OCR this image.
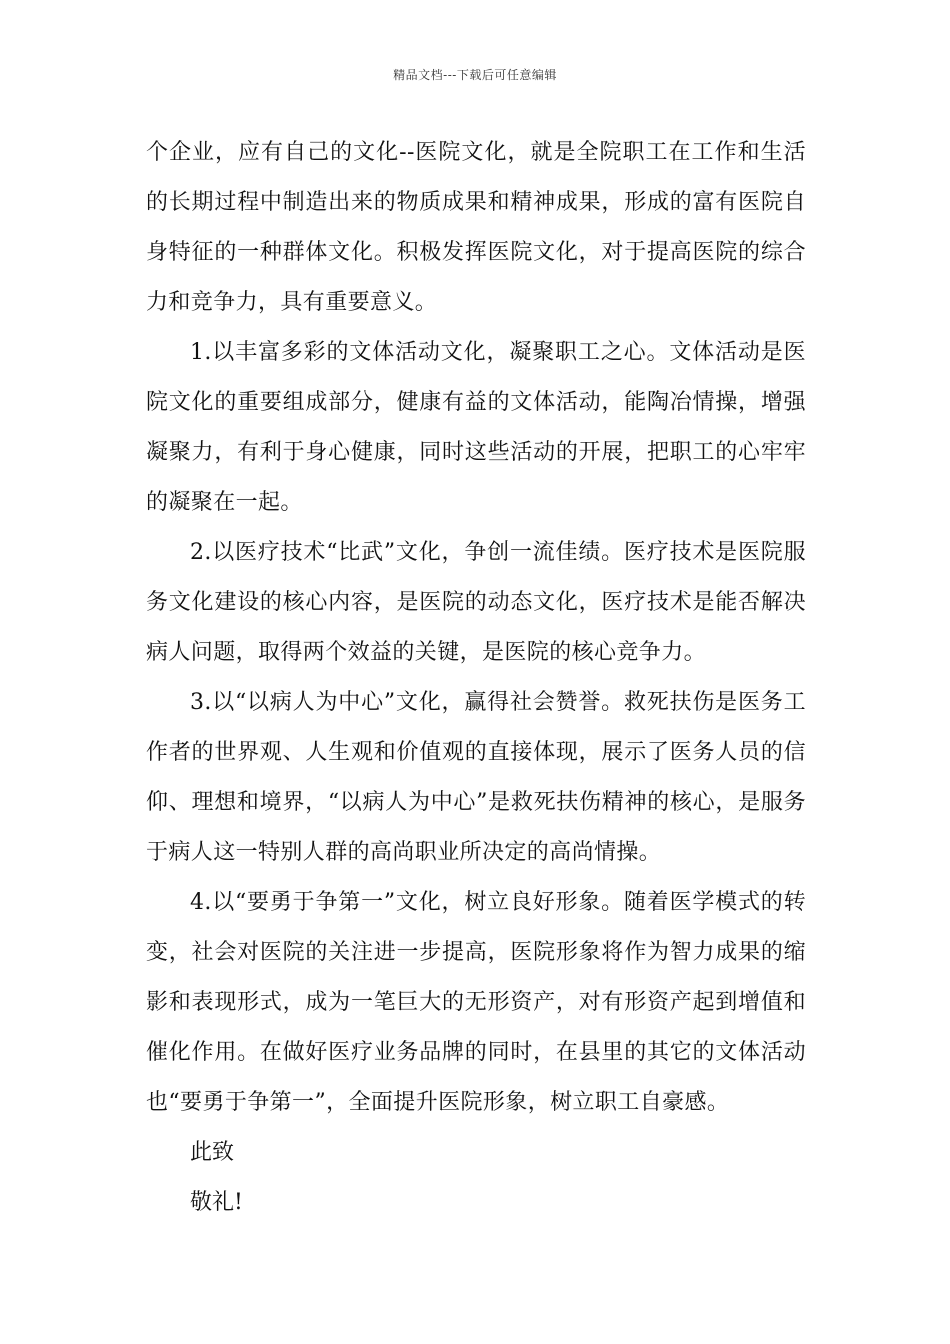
精品文档---下载后可任意编辑

个企业，应有自己的文化--医院文化，就是全院职工在工作和生活的长期过程中制造出来的物质成果和精神成果，形成的富有医院自身特征的一种群体文化。积极发挥医院文化，对于提高医院的综合力和竞争力，具有重要意义。

1.以丰富多彩的文体活动文化，凝聚职工之心。文体活动是医院文化的重要组成部分，健康有益的文体活动，能陶冶情操，增强凝聚力，有利于身心健康，同时这些活动的开展，把职工的心牢牢的凝聚在一起。

2.以医疗技术“比武”文化，争创一流佳绩。医疗技术是医院服务文化建设的核心内容，是医院的动态文化，医疗技术是能否解决病人问题，取得两个效益的关键，是医院的核心竞争力。

3.以“以病人为中心”文化，赢得社会赞誉。救死扶伤是医务工作者的世界观、人生观和价值观的直接体现，展示了医务人员的信仰、理想和境界，“以病人为中心”是救死扶伤精神的核心，是服务于病人这一特别人群的高尚职业所决定的高尚情操。

4.以“要勇于争第一”文化，树立良好形象。随着医学模式的转变，社会对医院的关注进一步提高，医院形象将作为智力成果的缩影和表现形式，成为一笔巨大的无形资产，对有形资产起到增值和催化作用。在做好医疗业务品牌的同时，在县里的其它的文体活动也“要勇于争第一”，全面提升医院形象，树立职工自豪感。

此致

敬礼!
